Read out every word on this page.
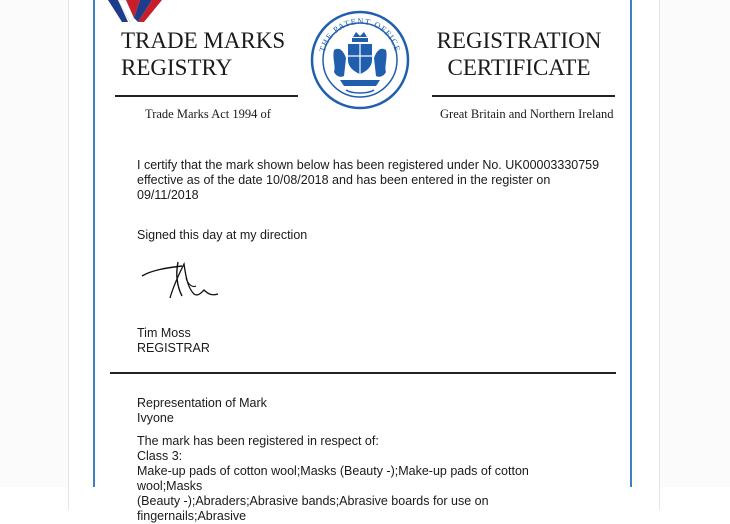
TRADE MARKS
REGISTRY
REGISTRATION
CERTIFICATE
Trade Marks Act 1994 of	Great Britain and Northern Ireland
THE PATENT OFFICE
I certify that the mark shown below has been registered under No. UK00003330759
effective as of the date 10/08/2018 and has been entered in the register on
09/11/2018
Signed this day at my direction
Tim Moss
REGISTRAR
Representation of Mark
Ivyone
The mark has been registered in respect of:
Class 3:
Make-up pads of cotton wool;Masks (Beauty -);Make-up pads of cotton wool;Masks
(Beauty -);Abraders;Abrasive bands;Abrasive boards for use on fingernails;Abrasive
